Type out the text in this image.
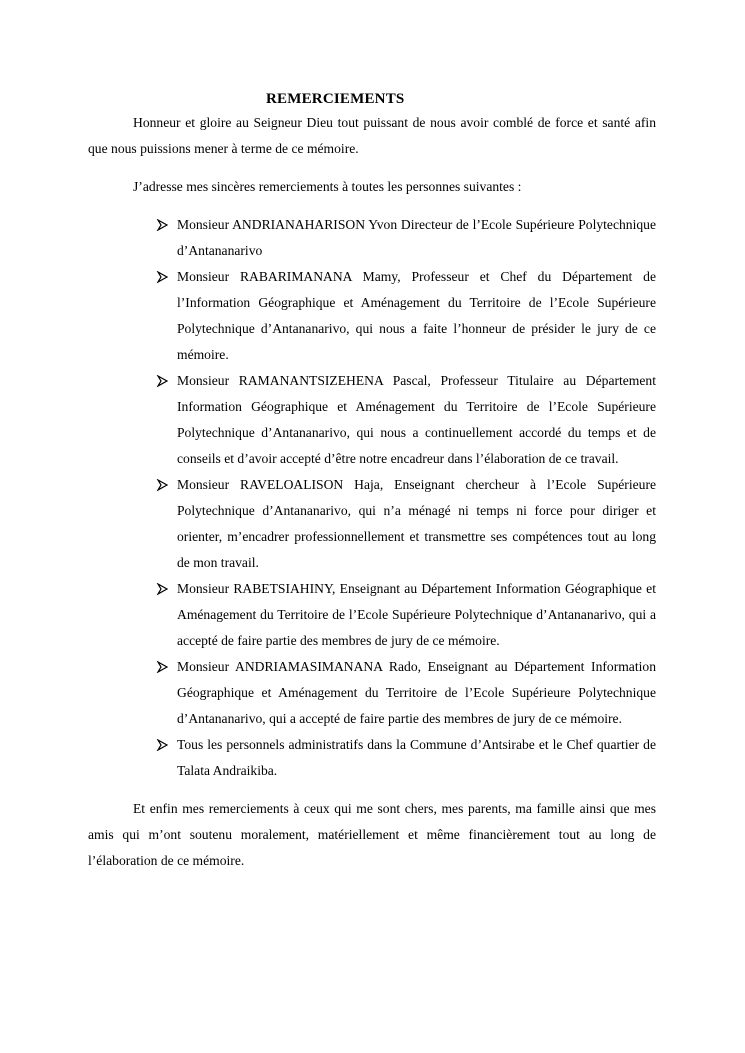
REMERCIEMENTS

Honneur et gloire au Seigneur Dieu tout puissant de nous avoir comblé de force et santé afin que nous puissions mener à terme de ce mémoire.

J’adresse mes sincères remerciements à toutes les personnes suivantes :

Monsieur ANDRIANAHARISON Yvon Directeur de l’Ecole Supérieure Polytechnique d’Antananarivo
Monsieur RABARIMANANA Mamy, Professeur et Chef du Département de l’Information Géographique et Aménagement du Territoire de l’Ecole Supérieure Polytechnique d’Antananarivo, qui nous a faite l’honneur de présider le jury de ce mémoire.
Monsieur RAMANANTSIZEHENA Pascal, Professeur Titulaire au Département Information Géographique et Aménagement du Territoire de l’Ecole Supérieure Polytechnique d’Antananarivo, qui nous a continuellement accordé du temps et de conseils et d’avoir accepté d’être notre encadreur dans l’élaboration de ce travail.
Monsieur RAVELOALISON Haja, Enseignant chercheur à l’Ecole Supérieure Polytechnique d’Antananarivo, qui n’a ménagé ni temps ni force pour diriger et orienter, m’encadrer professionnellement et transmettre ses compétences tout au long de mon travail.
Monsieur RABETSIAHINY, Enseignant au Département Information Géographique et Aménagement du Territoire de l’Ecole Supérieure Polytechnique d’Antananarivo, qui a accepté de faire partie des membres de jury de ce mémoire.
Monsieur ANDRIAMASIMANANA Rado, Enseignant au Département Information Géographique et Aménagement du Territoire de l’Ecole Supérieure Polytechnique d’Antananarivo, qui a accepté de faire partie des membres de jury de ce mémoire.
Tous les personnels administratifs dans la Commune d’Antsirabe et le Chef quartier de Talata Andraikiba.

Et enfin mes remerciements à ceux qui me sont chers, mes parents, ma famille ainsi que mes amis qui m’ont soutenu moralement, matériellement et même financièrement tout au long de l’élaboration de ce mémoire.
